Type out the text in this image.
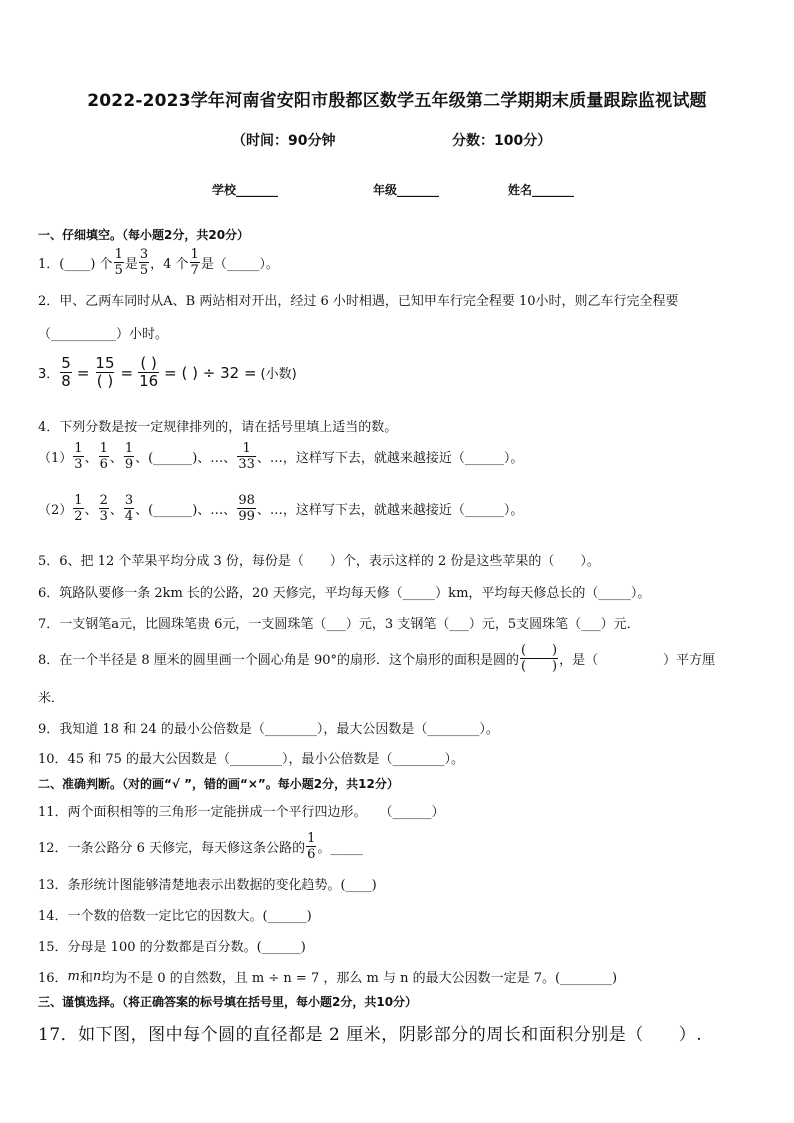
2022-2023学年河南省安阳市殷都区数学五年级第二学期期末质量跟踪监视试题
（时间：90分钟	分数：100分）
学校_______	年级_______	姓名_______
一、仔细填空。（每小题2分，共20分）
1．(____) 个 $\frac{1}{5}$ 是 $\frac{3}{5}$ ，4 个 $\frac{1}{7}$ 是（_____）。
2．甲、乙两车同时从A、B 两站相对开出，经过 6 小时相遇，已知甲车行完全程要 10小时，则乙车行完全程要
（__________）小时。
3． $\frac{5}{8} = \frac{15}{( )} = \frac{( )}{16}$ = ( ) ÷ 32 = (小数)
4．下列分数是按一定规律排列的，请在括号里填上适当的数。
$(1) \frac{1}{3}$ 、 $\frac{1}{6}$ 、 $\frac{1}{9}$ 、(______)、…、 $\frac{1}{33}$ 、…，这样写下去，就越来越接近（______）。
$(2) \frac{1}{2}$ 、 $\frac{2}{3}$ 、 $\frac{3}{4}$ 、(______)、…、 $\frac{98}{99}$ 、…，这样写下去，就越来越接近（______）。
5．6、把 12 个苹果平均分成 3 份，每份是（　　）个，表示这样的 2 份是这些苹果的（　　）。
6．筑路队要修一条 2km 长的公路，20 天修完，平均每天修（_____）km，平均每天修总长的（_____）。
7．一支钢笔a元，比圆珠笔贵 6元，一支圆珠笔（___）元，3 支钢笔（___）元，5支圆珠笔（___）元．
8．在一个半径是 8 厘米的圆里画一个圆心角是 90°的扇形．这个扇形的面积是圆的 $\frac{( )}{( )}$ ，是（　　　　　）平方厘
米．
9．我知道 18 和 24 的最小公倍数是（________），最大公因数是（________）。
10．45 和 75 的最大公因数是（________），最小公倍数是（________）。
二、准确判断。（对的画“√ ”，错的画“×”。每小题2分，共12分）
11．两个面积相等的三角形一定能拼成一个平行四边形。　　（______）
12．一条公路分 6 天修完，每天修这条公路的 $\frac{1}{6}$ 。_____
13．条形统计图能够清楚地表示出数据的变化趋势。(____)
14．一个数的倍数一定比它的因数大。(______)
15．分母是 100 的分数都是百分数。(______)
16． m 和 n 均为不是 0 的自然数，且 m ÷ n = 7 ，那么 m 与 n 的最大公因数一定是 7。(________)
三、谨慎选择。（将正确答案的标号填在括号里，每小题2分，共10分）
17．如下图，图中每个圆的直径都是 2 厘米，阴影部分的周长和面积分别是（　　）.
